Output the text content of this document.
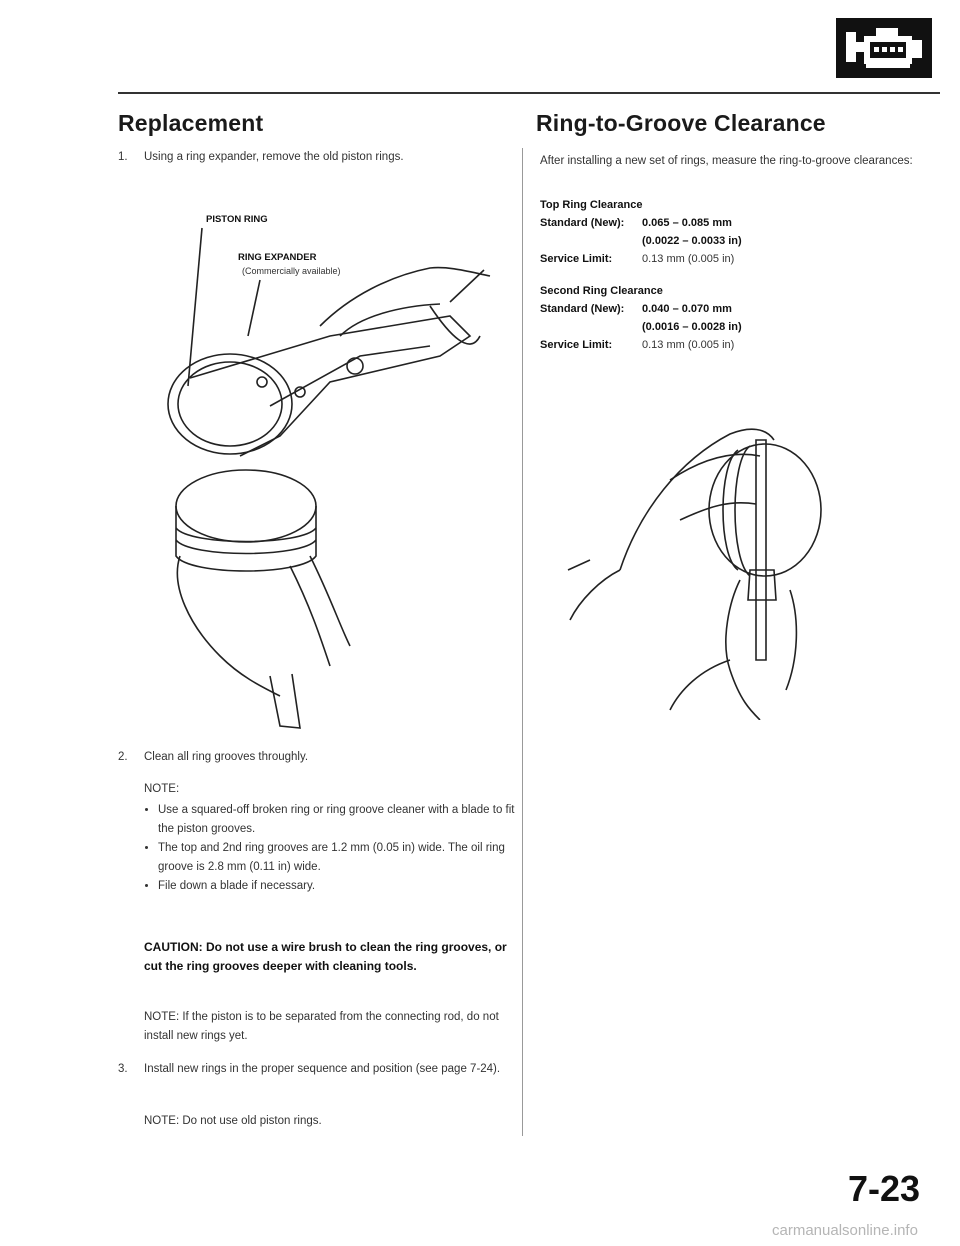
Replacement
1. Using a ring expander, remove the old piston rings.
PISTON RING
RING EXPANDER
(Commercially available)
2. Clean all ring grooves throughly.
NOTE:
• Use a squared-off broken ring or ring groove cleaner with a blade to fit the piston grooves.
• The top and 2nd ring grooves are 1.2 mm (0.05 in) wide. The oil ring groove is 2.8 mm (0.11 in) wide.
• File down a blade if necessary.
CAUTION: Do not use a wire brush to clean the ring grooves, or cut the ring grooves deeper with cleaning tools.
NOTE: If the piston is to be separated from the connecting rod, do not install new rings yet.
3. Install new rings in the proper sequence and position (see page 7-24).
NOTE: Do not use old piston rings.
Ring-to-Groove Clearance
After installing a new set of rings, measure the ring-to-groove clearances:
Top Ring Clearance
Standard (New):	0.065 – 0.085 mm
(0.0022 – 0.0033 in)
Service Limit:	0.13 mm (0.005 in)
Second Ring Clearance
Standard (New):	0.040 – 0.070 mm
(0.0016 – 0.0028 in)
Service Limit:	0.13 mm (0.005 in)
7-23
carmanualsonline.info
